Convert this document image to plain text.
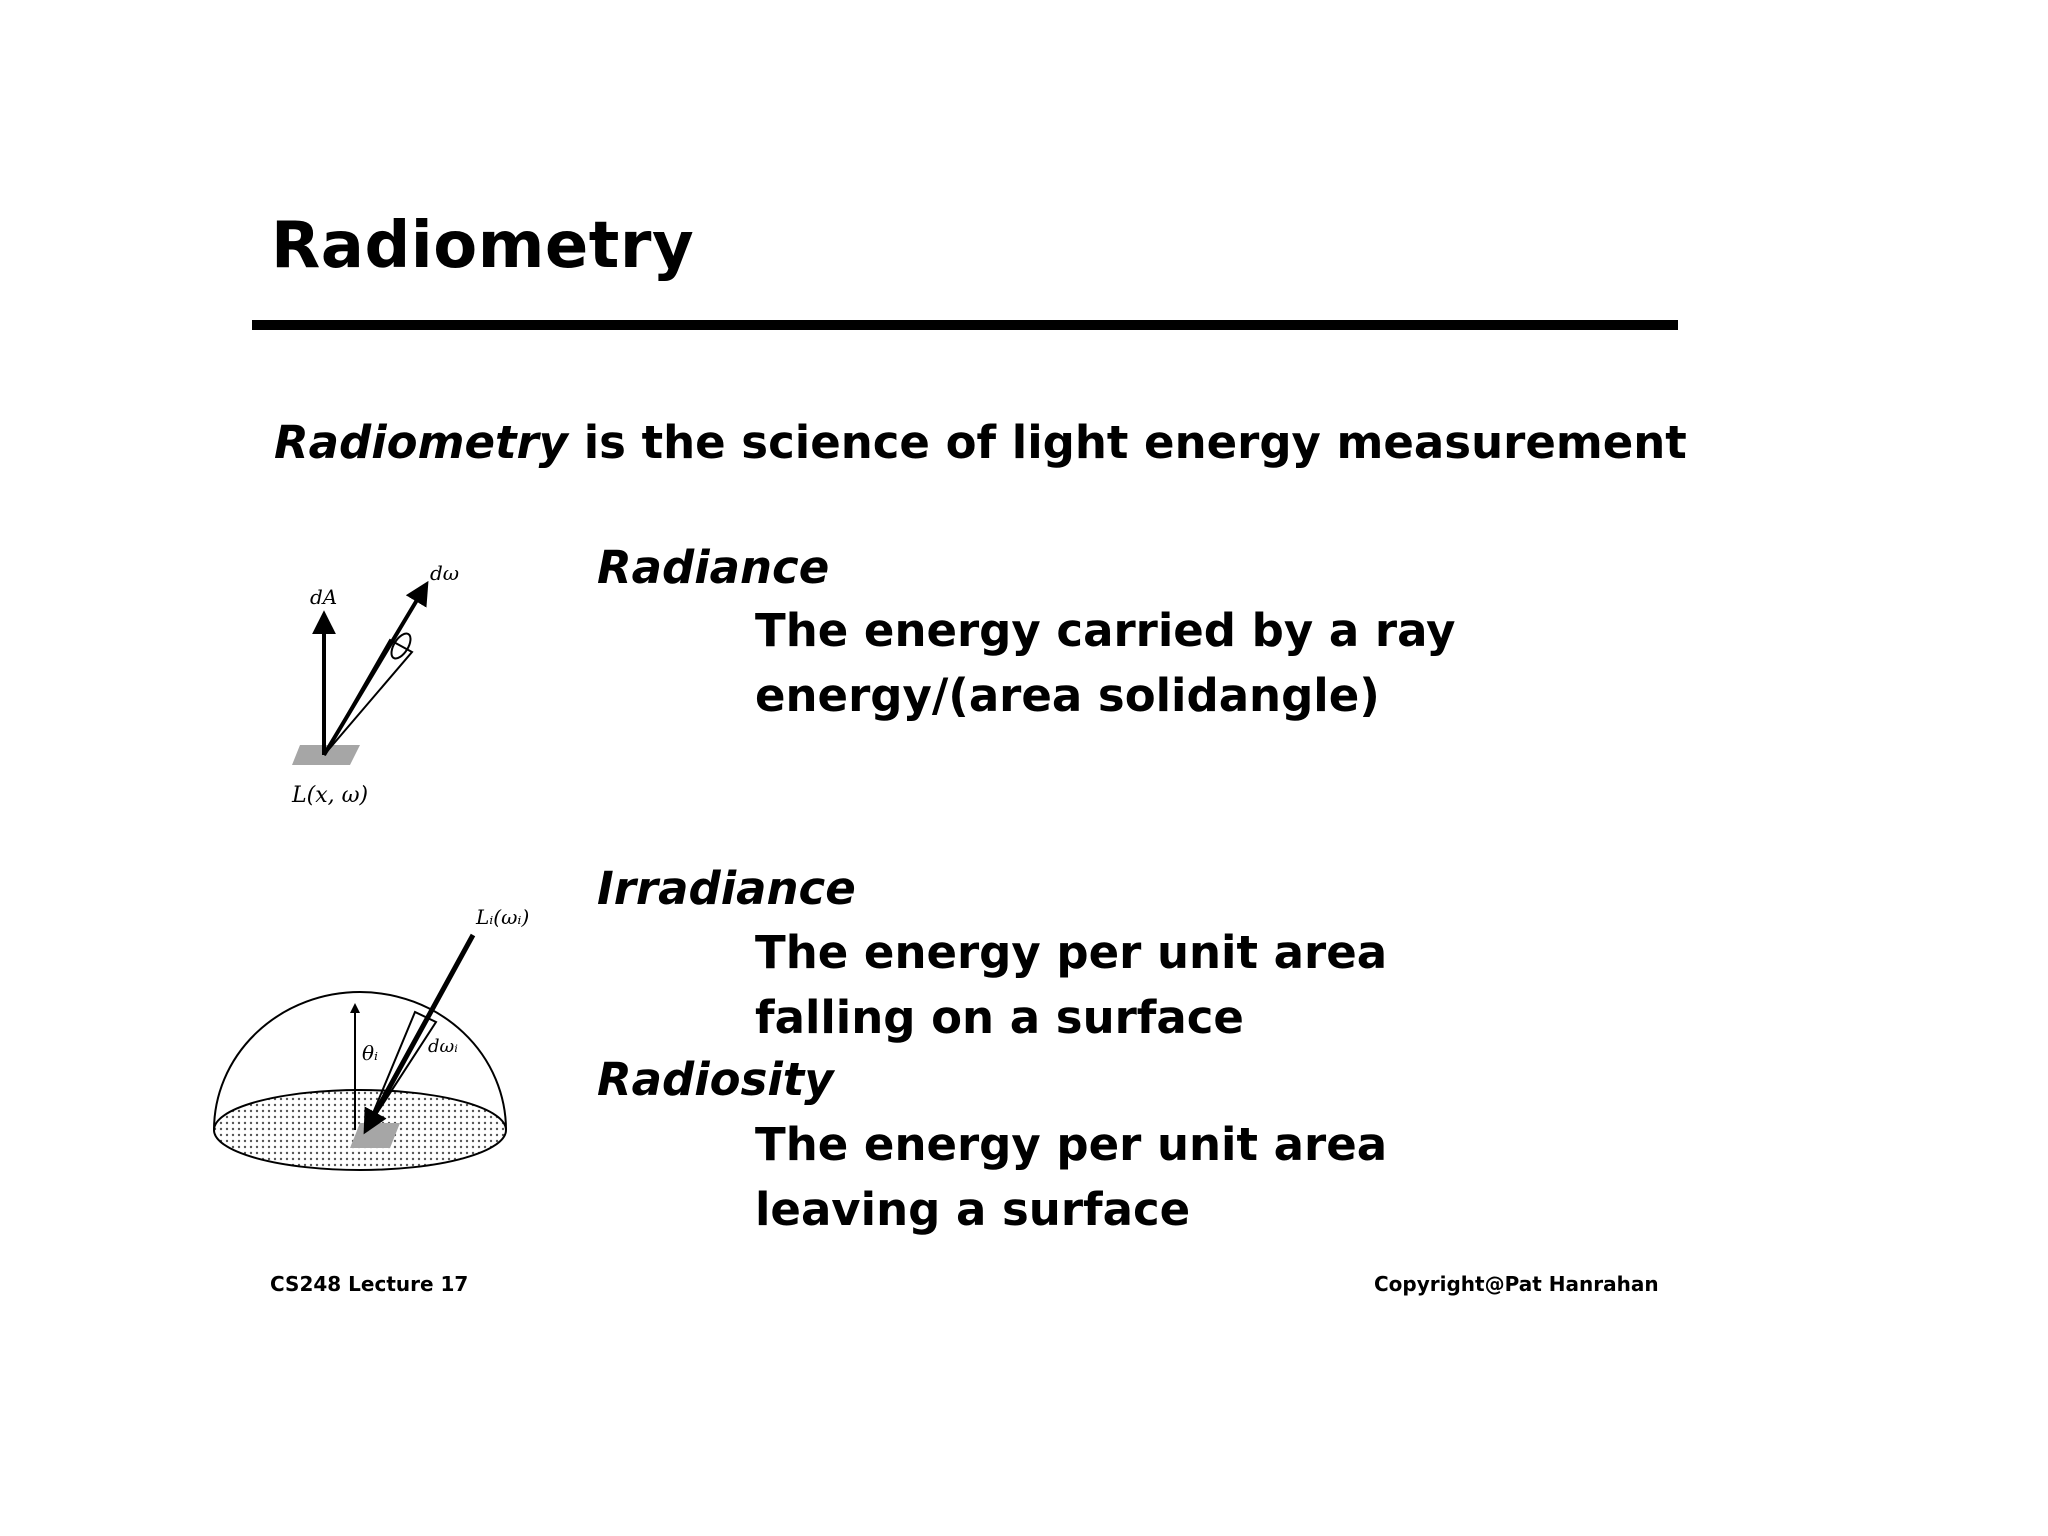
Radiometry
Radiometry is the science of light energy measurement
Radiance
The energy carried by a ray
energy/(area solidangle)
Irradiance
The energy per unit area
falling on a surface
Radiosity
The energy per unit area
leaving a surface
dA
dω
L(x, ω)
θᵢ	dωᵢ
Lᵢ(ωᵢ)
CS248 Lecture 17	Copyright@Pat Hanrahan
